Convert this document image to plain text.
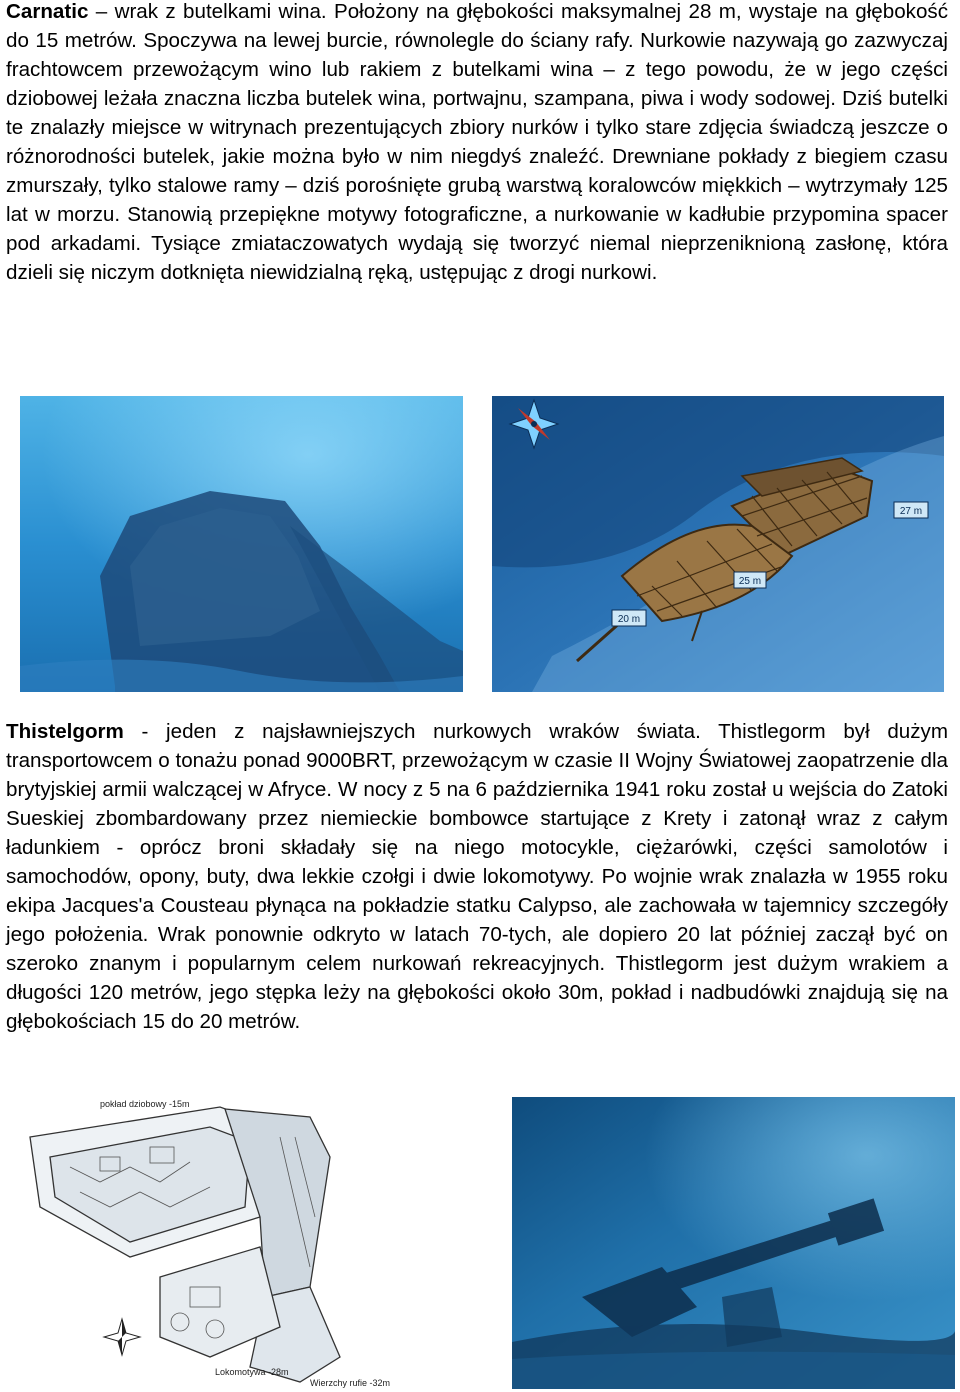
Carnatic – wrak z butelkami wina. Położony na głębokości maksymalnej 28 m, wystaje na głębokość do 15 metrów. Spoczywa na lewej burcie, równolegle do ściany rafy. Nurkowie nazywają go zazwyczaj frachtowcem przewożącym wino lub rakiem z butelkami wina – z tego powodu, że w jego części dziobowej leżała znaczna liczba butelek wina, portwajnu, szampana, piwa i wody sodowej. Dziś butelki te znalazły miejsce w witrynach prezentujących zbiory nurków i tylko stare zdjęcia świadczą jeszcze o różnorodności butelek, jakie można było w nim niegdyś znaleźć. Drewniane pokłady z biegiem czasu zmurszały, tylko stalowe ramy – dziś porośnięte grubą warstwą koralowców miękkich – wytrzymały 125 lat w morzu. Stanowią przepiękne motywy fotograficzne, a nurkowanie w kadłubie przypomina spacer pod arkadami. Tysiące zmiataczowatych wydają się tworzyć niemal nieprzeniknioną zasłonę, która dzieli się niczym dotknięta niewidzialną ręką, ustępując z drogi nurkowi.

27 m
25 m
20 m

Thistelgorm - jeden z najsławniejszych nurkowych wraków świata. Thistlegorm był dużym transportowcem o tonażu ponad 9000BRT, przewożącym w czasie II Wojny Światowej zaopatrzenie dla brytyjskiej armii walczącej w Afryce. W nocy z 5 na 6 października 1941 roku został u wejścia do Zatoki Sueskiej zbombardowany przez niemieckie bombowce startujące z Krety i zatonął wraz z całym ładunkiem - oprócz broni składały się na niego motocykle, ciężarówki, części samolotów i samochodów, opony, buty, dwa lekkie czołgi i dwie lokomotywy. Po wojnie wrak znalazła w 1955 roku ekipa Jacques'a Cousteau płynąca na pokładzie statku Calypso, ale zachowała w tajemnicy szczegóły jego położenia. Wrak ponownie odkryto w latach 70-tych, ale dopiero 20 lat później zaczął być on szeroko znanym i popularnym celem nurkowań rekreacyjnych. Thistlegorm jest dużym wrakiem a długości 120 metrów, jego stępka leży na głębokości około 30m, pokład i nadbudówki znajdują się na głębokościach 15 do 20 metrów.

pokład dziobowy -15m
Lokomotywa -28m
Wierzchy rufie -32m
